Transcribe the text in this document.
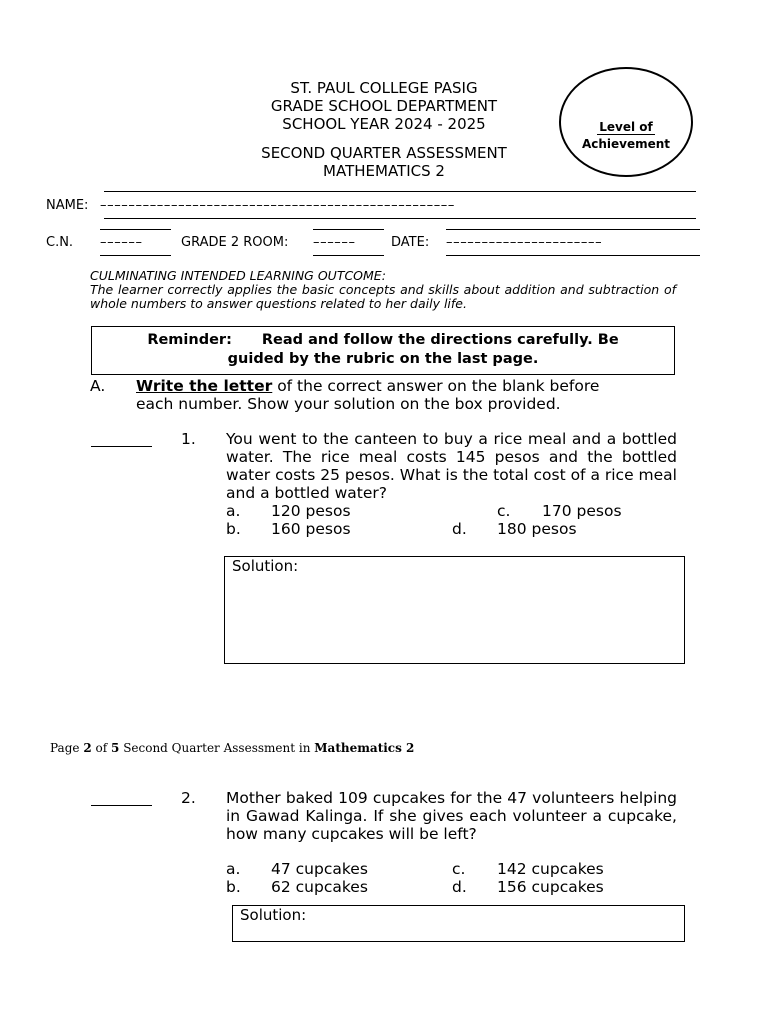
ST. PAUL COLLEGE PASIG
GRADE SCHOOL DEPARTMENT
SCHOOL YEAR 2024 - 2025
SECOND QUARTER ASSESSMENT
MATHEMATICS 2
Level of
Achievement
NAME: ––––––––––––––––––––––––––––––––––––––––––––––––––
C.N. ––––––	GRADE 2 ROOM: ––––––	DATE: ––––––––––––––––––––––
CULMINATING INTENDED LEARNING OUTCOME:
The learner correctly applies the basic concepts and skills about addition and subtraction of whole numbers to answer questions related to her daily life.
Reminder: Read and follow the directions carefully. Be
guided by the rubric on the last page.
A. Write the letter of the correct answer on the blank before
each number. Show your solution on the box provided.
1. You went to the canteen to buy a rice meal and a bottled water. The rice meal costs 145 pesos and the bottled water costs 25 pesos. What is the total cost of a rice meal and a bottled water?
a. 120 pesos
b. 160 pesos
c. 170 pesos
d. 180 pesos
Solution:
Page 2 of 5 Second Quarter Assessment in Mathematics 2
2. Mother baked 109 cupcakes for the 47 volunteers helping in Gawad Kalinga. If she gives each volunteer a cupcake, how many cupcakes will be left?
a. 47 cupcakes
b. 62 cupcakes
c. 142 cupcakes
d. 156 cupcakes
Solution:
